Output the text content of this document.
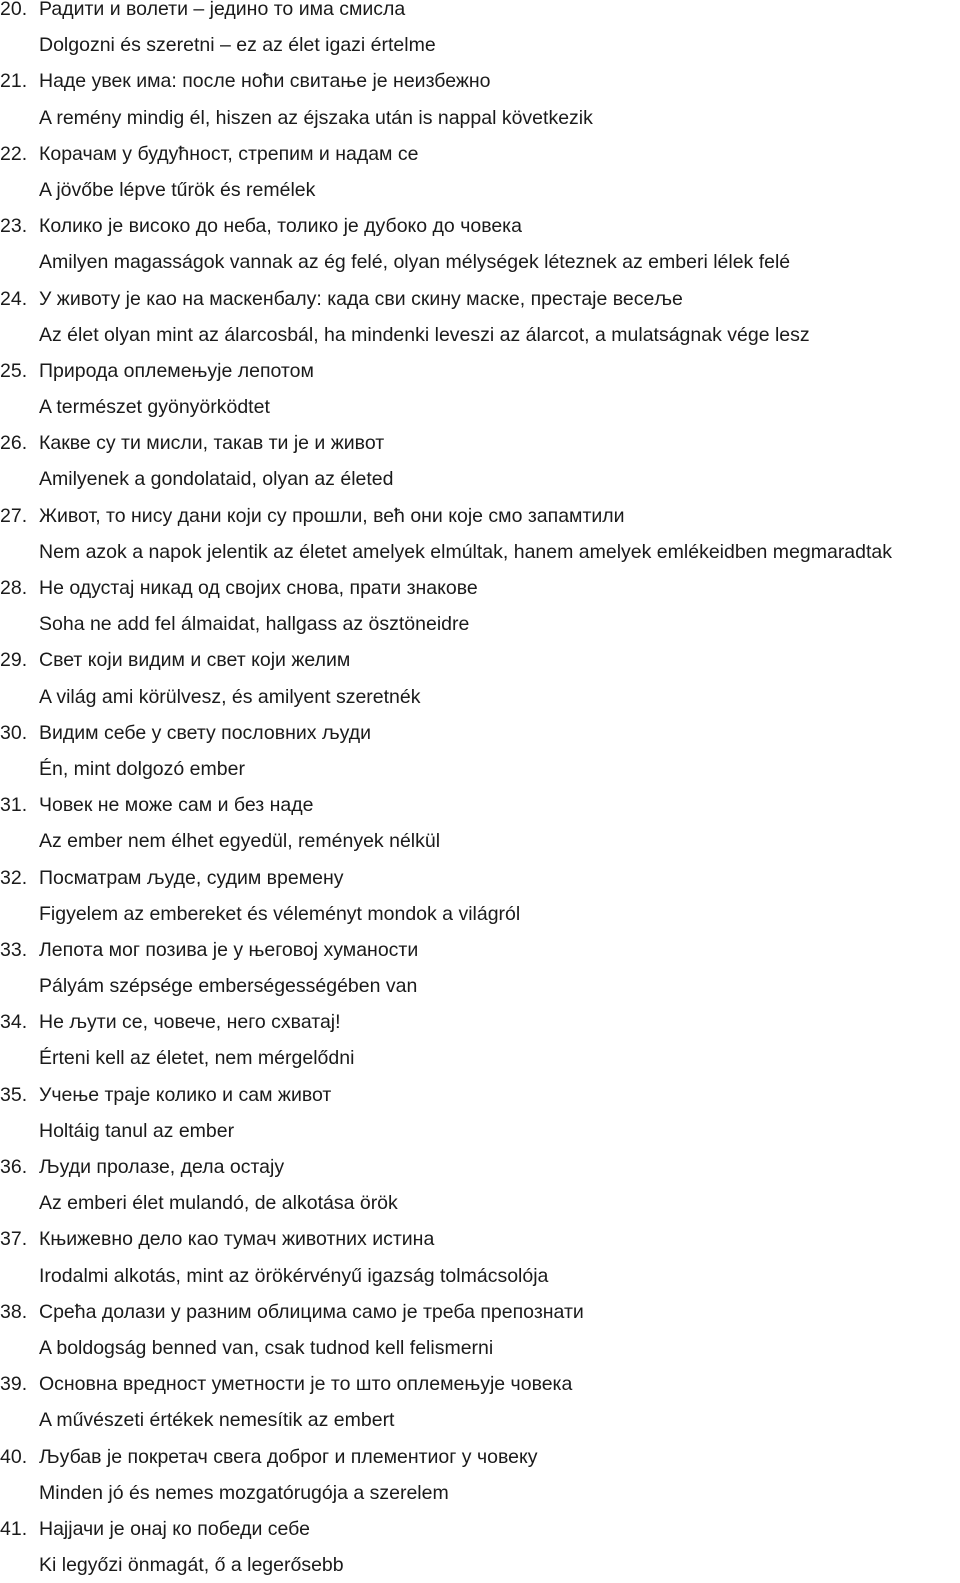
20. Радити и волети – једино то има смисла
Dolgozni és szeretni – ez az élet igazi értelme
21. Наде увек има: после ноћи свитање је неизбежно
A remény mindig él, hiszen az éjszaka után is nappal következik
22. Корачам у будућност, стрепим и надам се
A jövőbe lépve tűrök és remélek
23. Колико је високо до неба, толико је дубоко до човека
Amilyen magasságok vannak az ég felé, olyan mélységek léteznek az emberi lélek felé
24. У животу је као на маскенбалу: када сви скину маске, престаје весеље
Az élet olyan mint az álarcosbál, ha mindenki leveszi az álarcot, a mulatságnak vége lesz
25. Природа оплемењује лепотом
A természet gyönyörködtet
26. Какве су ти мисли, такав ти је и живот
Amilyenek a gondolataid, olyan az életed
27. Живот, то нису дани који су прошли, већ они које смо запамтили
Nem azok a napok jelentik az életet amelyek elmúltak, hanem amelyek emlékeidben megmaradtak
28. Не одустај никад од својих снова, прати знакове
Soha ne add fel álmaidat, hallgass az ösztöneidre
29. Свет који видим и свет који желим
A világ ami körülvesz, és amilyent szeretnék
30. Видим себе у свету пословних људи
Én, mint dolgozó ember
31. Човек не може сам и без наде
Az ember nem élhet egyedül, remények nélkül
32. Посматрам људе, судим времену
Figyelem az embereket és véleményt mondok a világról
33. Лепота мог позива је у његовој хуманости
Pályám szépsége emberségességében van
34. Не љути се, човече, него схватај!
Érteni kell az életet, nem mérgelődni
35. Учење траје колико и сам живот
Holtáig tanul az ember
36. Људи пролазе, дела остају
Az emberi élet mulandó, de alkotása örök
37. Књижевно дело као тумач животних истина
Irodalmi alkotás, mint az örökérvényű igazság tolmácsolója
38. Срећа долази у разним облицима само је треба препознати
A boldogság benned van, csak tudnod kell felismerni
39. Основна вредност уметности је то што оплемењује човека
A művészeti értékek nemesítik az embert
40. Љубав је покретач свега доброг и плементиог у човеку
Minden jó és nemes mozgatórugója a szerelem
41. Најјачи је онај ко победи себе
Ki legyőzi önmagát, ő a legerősebb
